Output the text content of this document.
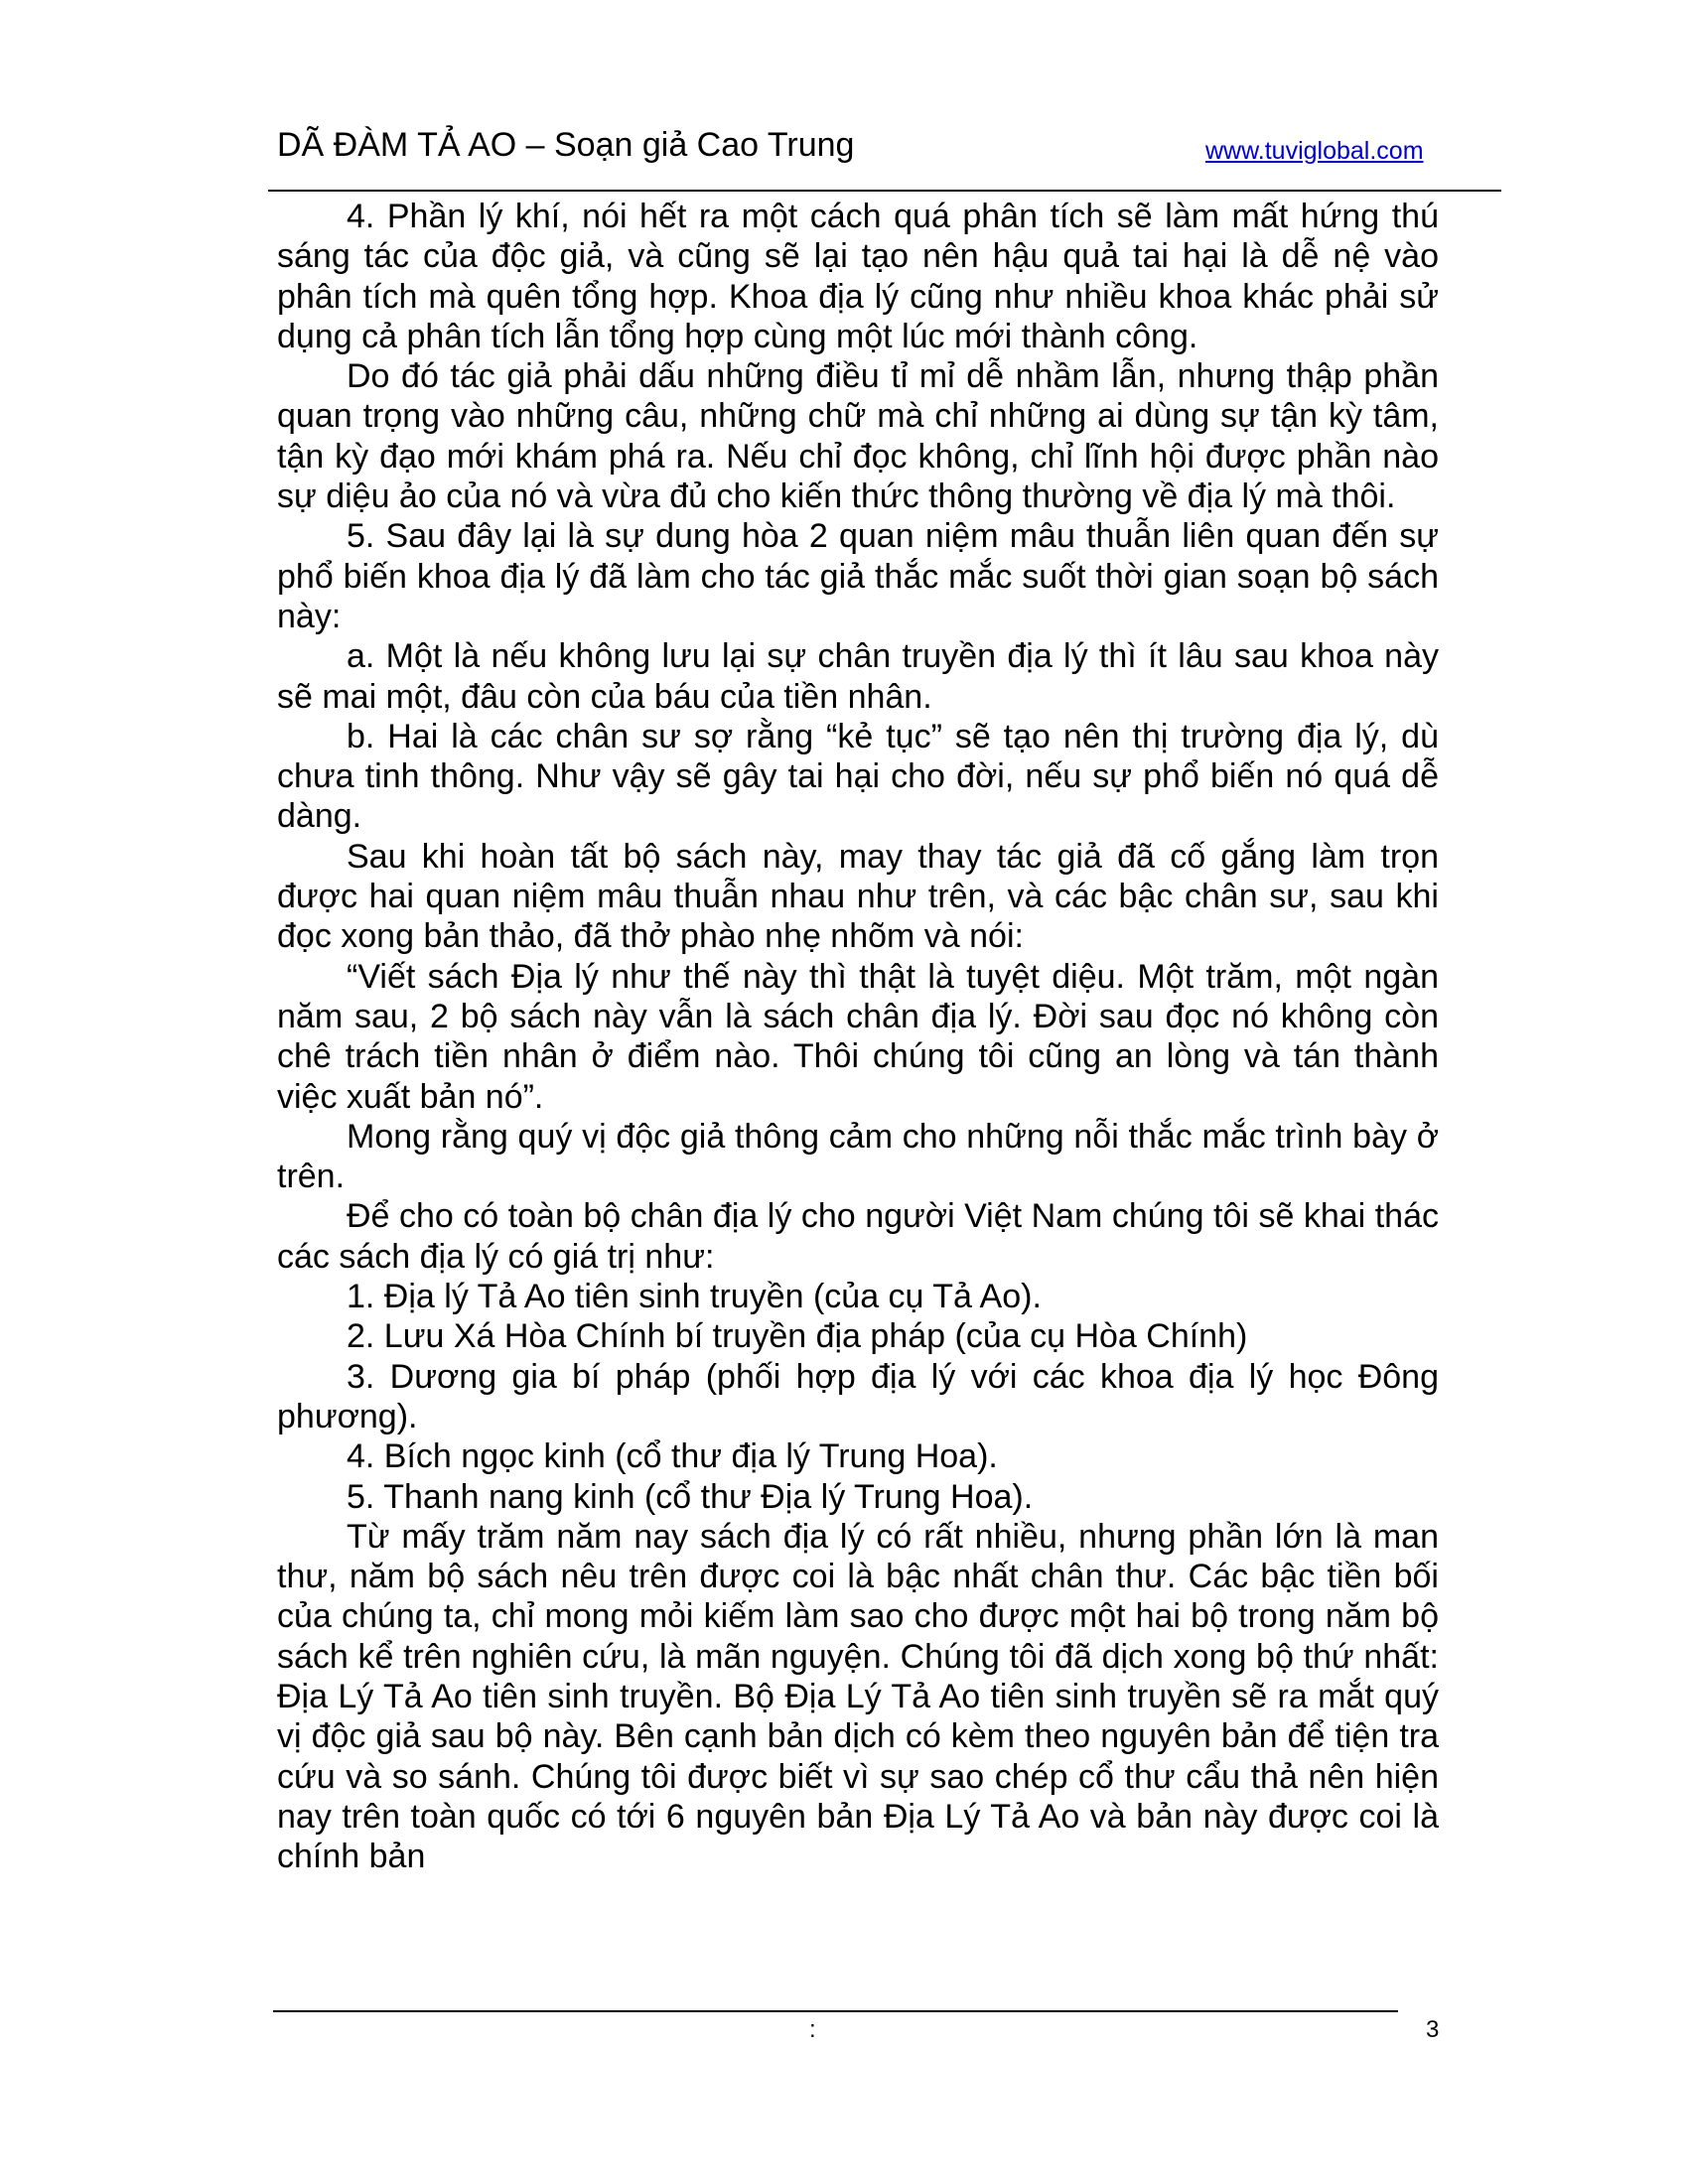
DÃ ĐÀM TẢ AO – Soạn giả Cao Trung	www.tuviglobal.com

4. Phần lý khí, nói hết ra một cách quá phân tích sẽ làm mất hứng thú sáng tác của độc giả, và cũng sẽ lại tạo nên hậu quả tai hại là dễ nệ vào phân tích mà quên tổng hợp. Khoa địa lý cũng như nhiều khoa khác phải sử dụng cả phân tích lẫn tổng hợp cùng một lúc mới thành công.

Do đó tác giả phải dấu những điều tỉ mỉ dễ nhầm lẫn, nhưng thập phần quan trọng vào những câu, những chữ mà chỉ những ai dùng sự tận kỳ tâm, tận kỳ đạo mới khám phá ra. Nếu chỉ đọc không, chỉ lĩnh hội được phần nào sự diệu ảo của nó và vừa đủ cho kiến thức thông thường về địa lý mà thôi.

5. Sau đây lại là sự dung hòa 2 quan niệm mâu thuẫn liên quan đến sự phổ biến khoa địa lý đã làm cho tác giả thắc mắc suốt thời gian soạn bộ sách này:

a. Một là nếu không lưu lại sự chân truyền địa lý thì ít lâu sau khoa này sẽ mai một, đâu còn của báu của tiền nhân.

b. Hai là các chân sư sợ rằng “kẻ tục” sẽ tạo nên thị trường địa lý, dù chưa tinh thông. Như vậy sẽ gây tai hại cho đời, nếu sự phổ biến nó quá dễ dàng.

Sau khi hoàn tất bộ sách này, may thay tác giả đã cố gắng làm trọn được hai quan niệm mâu thuẫn nhau như trên, và các bậc chân sư, sau khi đọc xong bản thảo, đã thở phào nhẹ nhõm và nói:

“Viết sách Địa lý như thế này thì thật là tuyệt diệu. Một trăm, một ngàn năm sau, 2 bộ sách này vẫn là sách chân địa lý. Đời sau đọc nó không còn chê trách tiền nhân ở điểm nào. Thôi chúng tôi cũng an lòng và tán thành việc xuất bản nó”.

Mong rằng quý vị độc giả thông cảm cho những nỗi thắc mắc trình bày ở trên.

Để cho có toàn bộ chân địa lý cho người Việt Nam chúng tôi sẽ khai thác các sách địa lý có giá trị như:

1. Địa lý Tả Ao tiên sinh truyền (của cụ Tả Ao).

2. Lưu Xá Hòa Chính bí truyền địa pháp (của cụ Hòa Chính)

3. Dương gia bí pháp (phối hợp địa lý với các khoa địa lý học Đông phương).

4. Bích ngọc kinh (cổ thư địa lý Trung Hoa).

5. Thanh nang kinh (cổ thư Địa lý Trung Hoa).

Từ mấy trăm năm nay sách địa lý có rất nhiều, nhưng phần lớn là man thư, năm bộ sách nêu trên được coi là bậc nhất chân thư. Các bậc tiền bối của chúng ta, chỉ mong mỏi kiếm làm sao cho được một hai bộ trong năm bộ sách kể trên nghiên cứu, là mãn nguyện. Chúng tôi đã dịch xong bộ thứ nhất: Địa Lý Tả Ao tiên sinh truyền. Bộ Địa Lý Tả Ao tiên sinh truyền sẽ ra mắt quý vị độc giả sau bộ này. Bên cạnh bản dịch có kèm theo nguyên bản để tiện tra cứu và so sánh. Chúng tôi được biết vì sự sao chép cổ thư cẩu thả nên hiện nay trên toàn quốc có tới 6 nguyên bản Địa Lý Tả Ao và bản này được coi là chính bản

:	3
